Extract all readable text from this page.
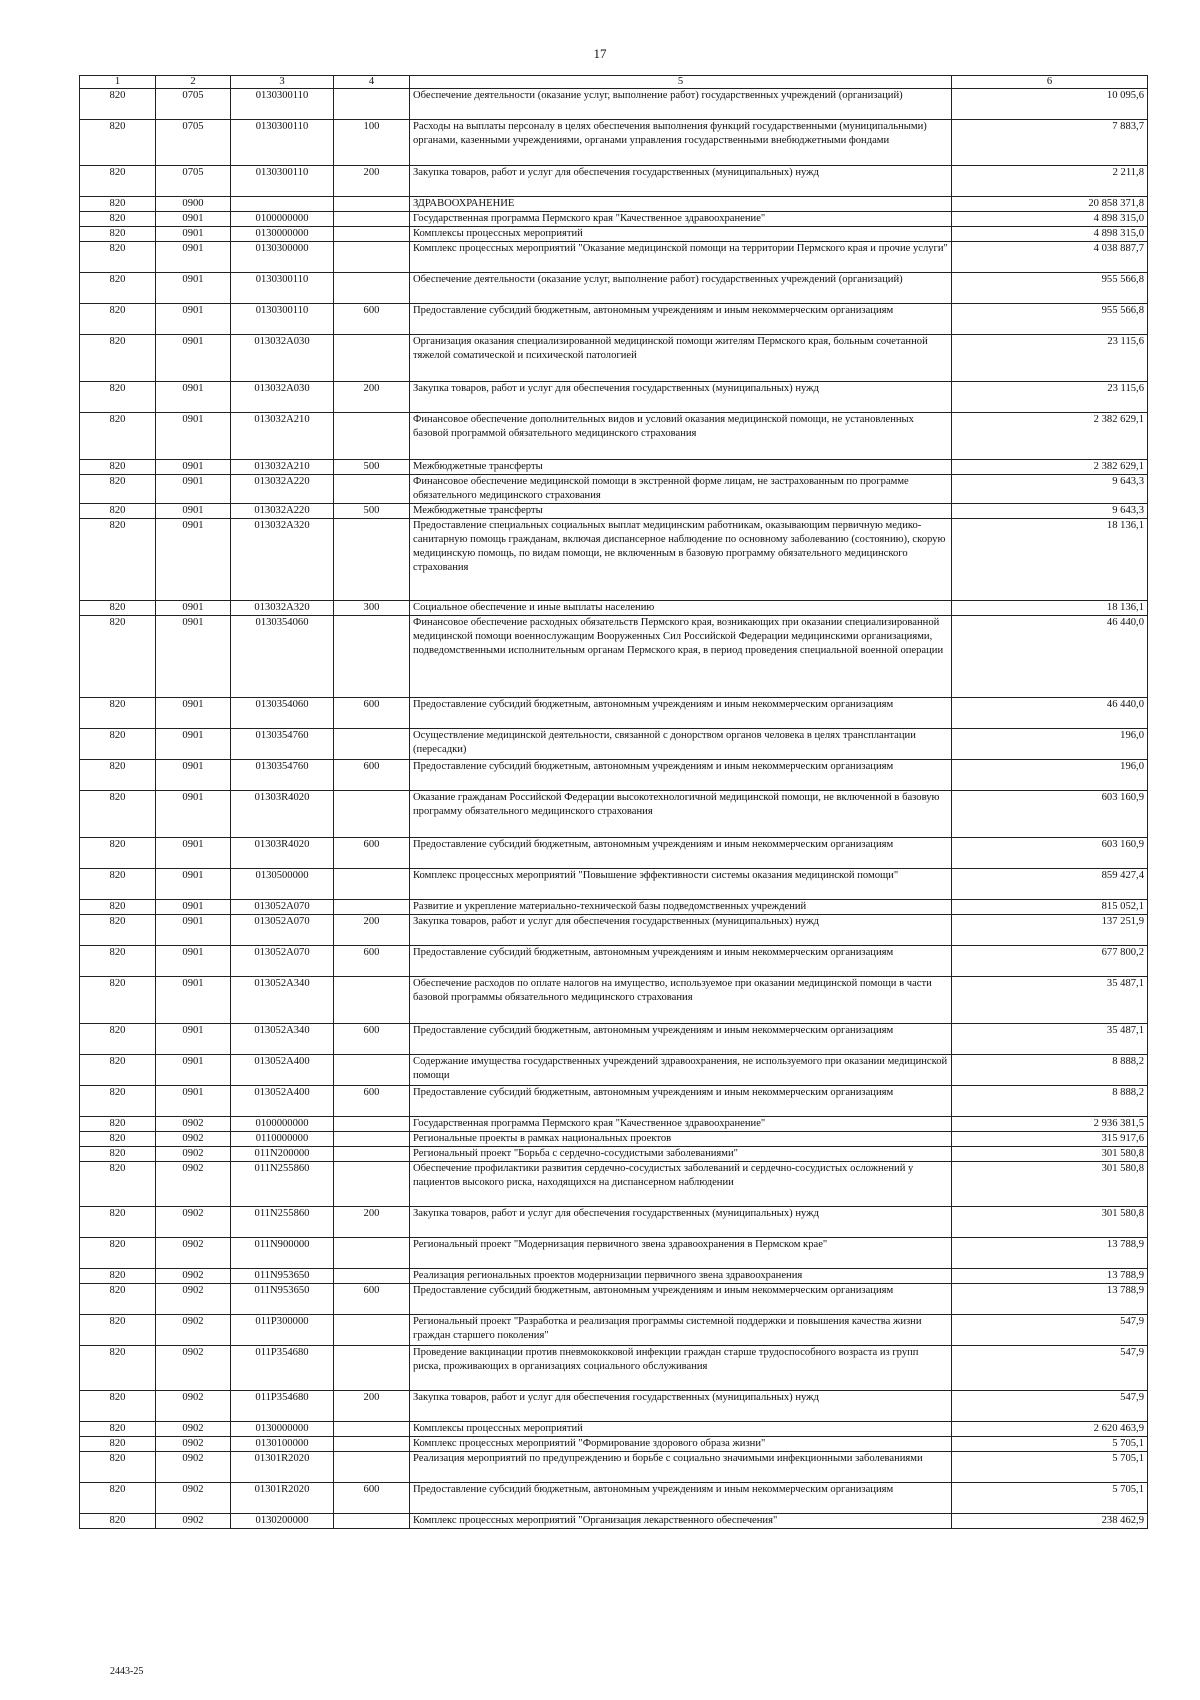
17
1	2	3	4	5	6
820	0705	0130300110		Обеспечение деятельности (оказание услуг, выполнение работ) государственных учреждений (организаций)	10 095,6
820	0705	0130300110	100	Расходы на выплаты персоналу в целях обеспечения выполнения функций государственными (муниципальными) органами, казенными учреждениями, органами управления государственными внебюджетными фондами	7 883,7
820	0705	0130300110	200	Закупка товаров, работ и услуг для обеспечения государственных (муниципальных) нужд	2 211,8
820	0900			ЗДРАВООХРАНЕНИЕ	20 858 371,8
820	0901	0100000000		Государственная программа Пермского края "Качественное здравоохранение"	4 898 315,0
820	0901	0130000000		Комплексы процессных мероприятий	4 898 315,0
820	0901	0130300000		Комплекс процессных мероприятий "Оказание медицинской помощи на территории Пермского края и прочие услуги"	4 038 887,7
820	0901	0130300110		Обеспечение деятельности (оказание услуг, выполнение работ) государственных учреждений (организаций)	955 566,8
820	0901	0130300110	600	Предоставление субсидий бюджетным, автономным учреждениям и иным некоммерческим организациям	955 566,8
820	0901	013032А030		Организация оказания специализированной медицинской помощи жителям Пермского края, больным сочетанной тяжелой соматической и психической патологией	23 115,6
820	0901	013032А030	200	Закупка товаров, работ и услуг для обеспечения государственных (муниципальных) нужд	23 115,6
820	0901	013032А210		Финансовое обеспечение дополнительных видов и условий оказания медицинской помощи, не установленных базовой программой обязательного медицинского страхования	2 382 629,1
820	0901	013032А210	500	Межбюджетные трансферты	2 382 629,1
820	0901	013032А220		Финансовое обеспечение медицинской помощи в экстренной форме лицам, не застрахованным по программе обязательного медицинского страхования	9 643,3
820	0901	013032А220	500	Межбюджетные трансферты	9 643,3
820	0901	013032А320		Предоставление специальных социальных выплат медицинским работникам, оказывающим первичную медико-санитарную помощь гражданам, включая диспансерное наблюдение по основному заболеванию (состоянию), скорую медицинскую помощь, по видам помощи, не включенным в базовую программу обязательного медицинского страхования	18 136,1
820	0901	013032А320	300	Социальное обеспечение и иные выплаты населению	18 136,1
820	0901	0130354060		Финансовое обеспечение расходных обязательств Пермского края, возникающих при оказании специализированной медицинской помощи военнослужащим Вооруженных Сил Российской Федерации медицинскими организациями, подведомственными исполнительным органам Пермского края, в период проведения специальной военной операции	46 440,0
820	0901	0130354060	600	Предоставление субсидий бюджетным, автономным учреждениям и иным некоммерческим организациям	46 440,0
820	0901	0130354760		Осуществление медицинской деятельности, связанной с донорством органов человека в целях трансплантации (пересадки)	196,0
820	0901	0130354760	600	Предоставление субсидий бюджетным, автономным учреждениям и иным некоммерческим организациям	196,0
820	0901	01303R4020		Оказание гражданам Российской Федерации высокотехнологичной медицинской помощи, не включенной в базовую программу обязательного медицинского страхования	603 160,9
820	0901	01303R4020	600	Предоставление субсидий бюджетным, автономным учреждениям и иным некоммерческим организациям	603 160,9
820	0901	0130500000		Комплекс процессных мероприятий "Повышение эффективности системы оказания медицинской помощи"	859 427,4
820	0901	013052А070		Развитие и укрепление материально-технической базы подведомственных учреждений	815 052,1
820	0901	013052А070	200	Закупка товаров, работ и услуг для обеспечения государственных (муниципальных) нужд	137 251,9
820	0901	013052А070	600	Предоставление субсидий бюджетным, автономным учреждениям и иным некоммерческим организациям	677 800,2
820	0901	013052А340		Обеспечение расходов по оплате налогов на имущество, используемое при оказании медицинской помощи в части базовой программы обязательного медицинского страхования	35 487,1
820	0901	013052А340	600	Предоставление субсидий бюджетным, автономным учреждениям и иным некоммерческим организациям	35 487,1
820	0901	013052А400		Содержание имущества государственных учреждений здравоохранения, не используемого при оказании медицинской помощи	8 888,2
820	0901	013052А400	600	Предоставление субсидий бюджетным, автономным учреждениям и иным некоммерческим организациям	8 888,2
820	0902	0100000000		Государственная программа Пермского края "Качественное здравоохранение"	2 936 381,5
820	0902	0110000000		Региональные проекты в рамках национальных проектов	315 917,6
820	0902	011N200000		Региональный проект "Борьба с сердечно-сосудистыми заболеваниями"	301 580,8
820	0902	011N255860		Обеспечение профилактики развития сердечно-сосудистых заболеваний и сердечно-сосудистых осложнений у пациентов высокого риска, находящихся на диспансерном наблюдении	301 580,8
820	0902	011N255860	200	Закупка товаров, работ и услуг для обеспечения государственных (муниципальных) нужд	301 580,8
820	0902	011N900000		Региональный проект "Модернизация первичного звена здравоохранения в Пермском крае"	13 788,9
820	0902	011N953650		Реализация региональных проектов модернизации первичного звена здравоохранения	13 788,9
820	0902	011N953650	600	Предоставление субсидий бюджетным, автономным учреждениям и иным некоммерческим организациям	13 788,9
820	0902	011P300000		Региональный проект "Разработка и реализация программы системной поддержки и повышения качества жизни граждан старшего поколения"	547,9
820	0902	011P354680		Проведение вакцинации против пневмококковой инфекции граждан старше трудоспособного возраста из групп риска, проживающих в организациях социального обслуживания	547,9
820	0902	011P354680	200	Закупка товаров, работ и услуг для обеспечения государственных (муниципальных) нужд	547,9
820	0902	0130000000		Комплексы процессных мероприятий	2 620 463,9
820	0902	0130100000		Комплекс процессных мероприятий "Формирование здорового образа жизни"	5 705,1
820	0902	01301R2020		Реализация мероприятий по предупреждению и борьбе с социально значимыми инфекционными заболеваниями	5 705,1
820	0902	01301R2020	600	Предоставление субсидий бюджетным, автономным учреждениям и иным некоммерческим организациям	5 705,1
820	0902	0130200000		Комплекс процессных мероприятий "Организация лекарственного обеспечения"	238 462,9
2443-25
